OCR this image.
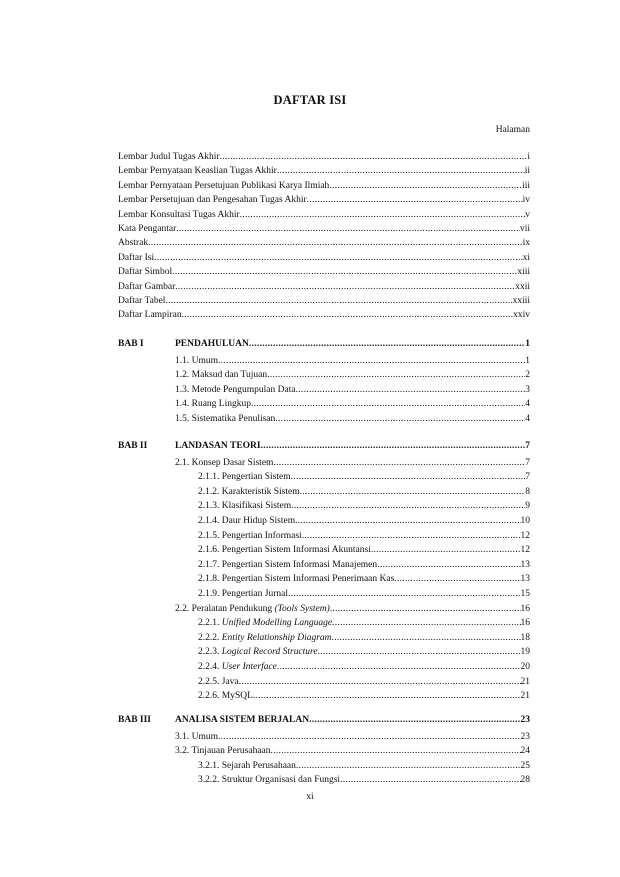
DAFTAR ISI
Halaman
Lembar Judul Tugas Akhir .....	i
Lembar Pernyataan Keaslian Tugas Akhir .....	ii
Lembar Pernyataan Persetujuan Publikasi Karya Ilmiah .....	iii
Lembar Persetujuan dan Pengesahan Tugas Akhir .....	iv
Lembar Konsultasi Tugas Akhir .....	v
Kata Pengantar .....	vii
Abstrak .....	ix
Daftar Isi .....	xi
Daftar Simbol .....	xiii
Daftar Gambar .....	xxii
Daftar Tabel .....	xxiii
Daftar Lampiran .....	xxiv
BAB I	PENDAHULUAN .....	1
1.1. Umum .....	1
1.2. Maksud dan Tujuan .....	2
1.3. Metode Pengumpulan Data .....	3
1.4. Ruang Lingkup .....	4
1.5. Sistematika Penulisan .....	4
BAB II	LANDASAN TEORI .....	7
2.1. Konsep Dasar Sistem .....	7
2.1.1. Pengertian Sistem .....	7
2.1.2. Karakteristik Sistem .....	8
2.1.3. Klasifikasi Sistem .....	9
2.1.4. Daur Hidup Sistem .....	10
2.1.5. Pengertian Informasi .....	12
2.1.6. Pengertian Sistem Informasi Akuntansi .....	12
2.1.7. Pengertian Sistem Informasi Manajemen .....	13
2.1.8. Pengertian Sistem Informasi Penerimaan Kas .....	13
2.1.9. Pengertian Jurnal .....	15
2.2. Peralatan Pendukung (Tools System) .....	16
2.2.1. Unified Modelling Language .....	16
2.2.2. Entity Relationship Diagram .....	18
2.2.3. Logical Record Structure .....	19
2.2.4. User Interface .....	20
2.2.5. Java .....	21
2.2.6. MySQL .....	21
BAB III	ANALISA SISTEM BERJALAN .....	23
3.1. Umum .....	23
3.2. Tinjauan Perusahaan .....	24
3.2.1. Sejarah Perusahaan .....	25
3.2.2. Struktur Organisasi dan Fungsi .....	28
xi
